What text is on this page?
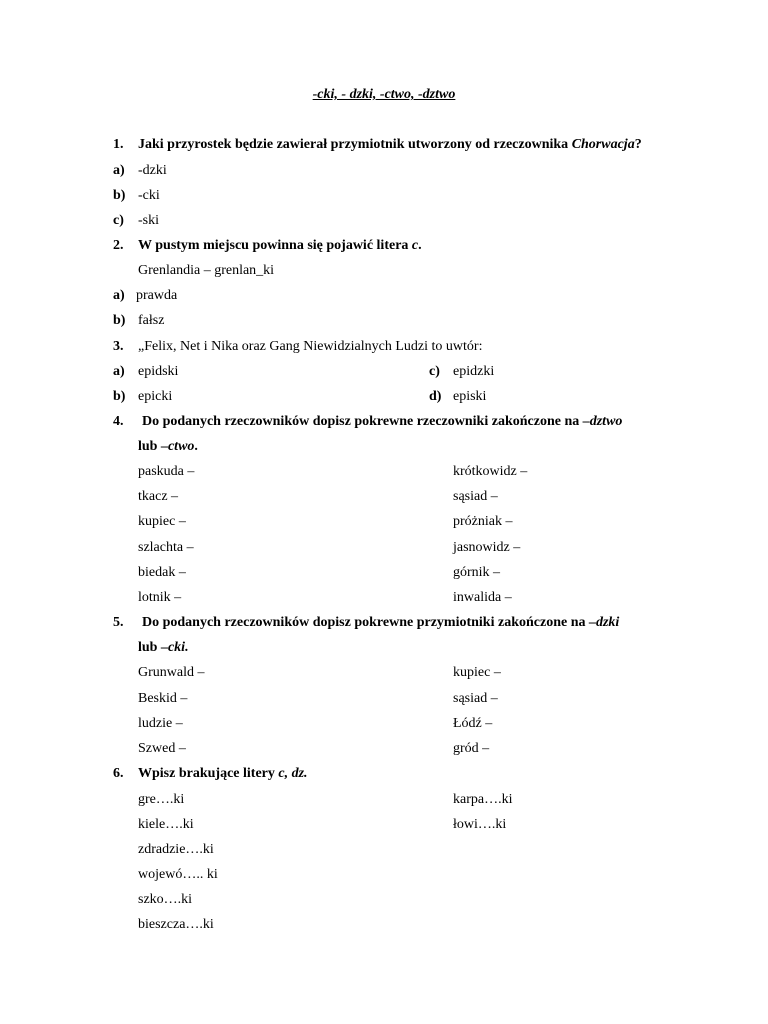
-cki, - dzki, -ctwo, -dztwo
1. Jaki przyrostek będzie zawierał przymiotnik utworzony od rzeczownika Chorwacja?
a) -dzki
b) -cki
c) -ski
2. W pustym miejscu powinna się pojawić litera c.
Grenlandia – grenlan_ki
a) prawda
b) fałsz
3. „Felix, Net i Nika oraz Gang Niewidzialnych Ludzi to uwtór:
a) epidski	c) epidzki
b) epicki	d) episki
4. Do podanych rzeczowników dopisz pokrewne rzeczowniki zakończone na –dztwo
lub –ctwo.
paskuda –
tkacz –
kupiec –
szlachta –
biedak –
lotnik –
krótkowidz –
sąsiad –
próżniak –
jasnowidz –
górnik –
inwalida –
5. Do podanych rzeczowników dopisz pokrewne przymiotniki zakończone na –dzki
lub –cki.
Grunwald –
Beskid –
ludzie –
Szwed –
kupiec –
sąsiad –
Łódź –
gród –
6. Wpisz brakujące litery c, dz.
gre….ki
kiele….ki
zdradzie….ki
wojewó….. ki
szko….ki
bieszcza….ki
karpa….ki
łowi….ki
